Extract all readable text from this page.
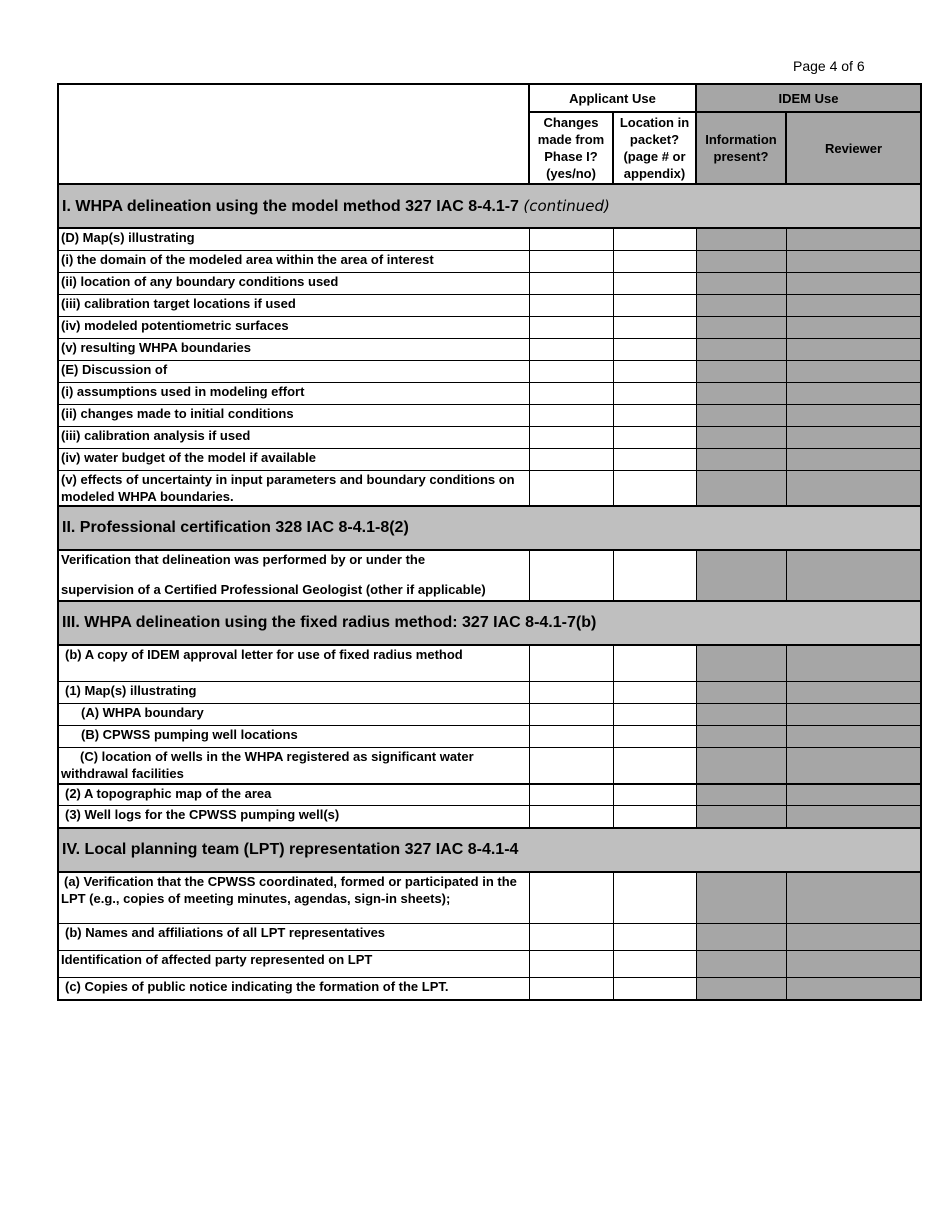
Page 4 of 6
	Applicant Use		IDEM Use	
	Changes made from Phase I? (yes/no)	Location in packet? (page # or appendix)	Information present?	Reviewer
I. WHPA delineation using the model method 327 IAC 8-4.1-7 (continued)				
(D) Map(s) illustrating				
(i) the domain of the modeled area within the area of interest				
(ii) location of any boundary conditions used				
(iii) calibration target locations if used				
(iv) modeled potentiometric surfaces				
(v) resulting WHPA boundaries				
(E) Discussion of				
(i) assumptions used in modeling effort				
(ii) changes made to initial conditions				
(iii) calibration analysis if used				
(iv) water budget of the model if available				
(v) effects of uncertainty in input parameters and boundary conditions on modeled WHPA boundaries.				
II. Professional certification 328 IAC 8-4.1-8(2)				

Verification that delineation was performed by or under the
supervision of a Certified Professional Geologist (other if applicable)				

III. WHPA delineation using the fixed radius method: 327 IAC 8-4.1-7(b)				
(b) A copy of IDEM approval letter for use of fixed radius method				
(1) Map(s) illustrating				
(A) WHPA boundary				
(B) CPWSS pumping well locations				

(C) location of wells in the WHPA registered as significant water
withdrawal facilities				

(2) A topographic map of the area				
(3) Well logs for the CPWSS pumping well(s)				
IV. Local planning team (LPT) representation 327 IAC 8-4.1-4				
(a) Verification that the CPWSS coordinated, formed or participated in the LPT (e.g., copies of meeting minutes, agendas, sign-in sheets);				
(b) Names and affiliations of all LPT representatives				
Identification of affected party represented on LPT				
(c) Copies of public notice indicating the formation of the LPT.				
